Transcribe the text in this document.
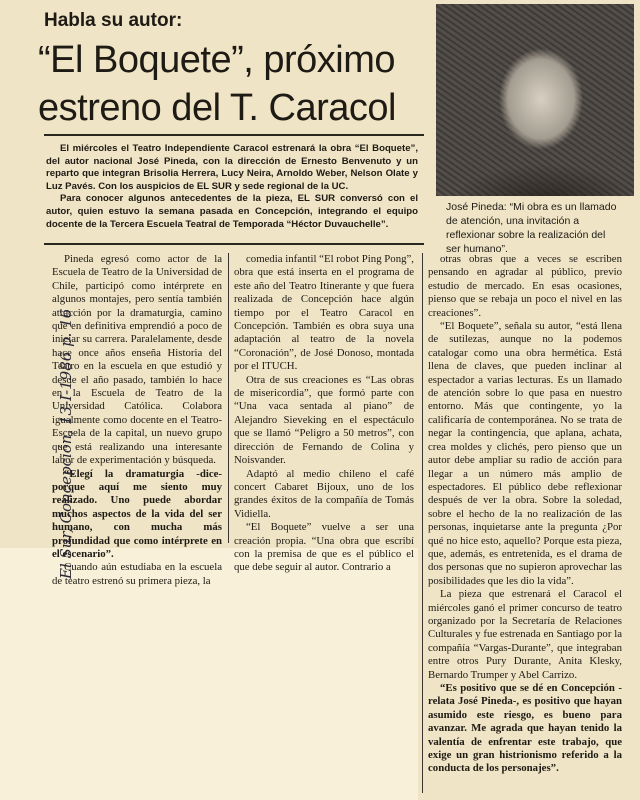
Habla su autor:
“El Boquete”, próximo estreno del T. Caracol
José Pineda: “Mi obra es un llamado de atención, una invitación a reflexionar sobre la realización del ser humano”.

El miércoles el Teatro Independiente Caracol estrenará la obra “El Boquete”, del autor nacional José Pineda, con la dirección de Ernesto Benvenuto y un reparto que integran Brisolia Herrera, Lucy Neira, Arnoldo Weber, Nelson Olate y Luz Pavés. Con los auspicios de EL SUR y sede regional de la UC.

Para conocer algunos antecedentes de la pieza, EL SUR conversó con el autor, quien estuvo la semana pasada en Concepción, integrando el equipo docente de la Tercera Escuela Teatral de Temporada “Héctor Duvauchelle”.

Pineda egresó como actor de la Escuela de Teatro de la Universidad de Chile, participó como intérprete en algunos montajes, pero sentía también atracción por la dramaturgia, camino que en definitiva emprendió a poco de iniciar su carrera. Paralelamente, desde hace once años enseña Historia del Teatro en la escuela en que estudió y desde el año pasado, también lo hace en la Escuela de Teatro de la Universidad Católica. Colabora igualmente como docente en el Teatro-Escuela de la capital, un nuevo grupo que está realizando una interesante labor de experimentación y búsqueda.

“Elegí la dramaturgia -dice- porque aquí me siento muy realizado. Uno puede abordar muchos aspectos de la vida del ser humano, con mucha más profundidad que como intérprete en el escenario”.

Cuando aún estudiaba en la escuela de teatro estrenó su primera pieza, la

comedia infantil “El robot Ping Pong”, obra que está inserta en el programa de este año del Teatro Itinerante y que fuera realizada de Concepción hace algún tiempo por el Teatro Caracol en Concepción. También es obra suya una adaptación al teatro de la novela “Coronación”, de José Donoso, montada por el ITUCH.

Otra de sus creaciones es “Las obras de misericordia”, que formó parte con “Una vaca sentada al piano” de Alejandro Sieveking en el espectáculo que se llamó “Peligro a 50 metros”, con dirección de Fernando de Colina y Noisvander.

Adaptó al medio chileno el café concert Cabaret Bijoux, uno de los grandes éxitos de la compañía de Tomás Vidiella.

“El Boquete” vuelve a ser una creación propia. “Una obra que escribí con la premisa de que es el público el que debe seguir al autor. Contrario a

otras obras que a veces se escriben pensando en agradar al público, previo estudio de mercado. En esas ocasiones, pienso que se rebaja un poco el nivel en las creaciones”.

“El Boquete”, señala su autor, “está llena de sutilezas, aunque no la podemos catalogar como una obra hermética. Está llena de claves, que pueden inclinar al espectador a varias lecturas. Es un llamado de atención sobre lo que pasa en nuestro entorno. Más que contingente, yo la calificaría de contemporánea. No se trata de negar la contingencia, que aplana, achata, crea moldes y clichés, pero pienso que un autor debe ampliar su radio de acción para llegar a un número más amplio de espectadores. El público debe reflexionar después de ver la obra. Sobre la soledad, sobre el hecho de la no realización de las personas, inquietarse ante la pregunta ¿Por qué no hice esto, aquello? Porque esta pieza, que, además, es entretenida, es el drama de dos personas que no supieron aprovechar las posibilidades que les dio la vida”.

La pieza que estrenará el Caracol el miércoles ganó el primer concurso de teatro organizado por la Secretaría de Relaciones Culturales y fue estrenada en Santiago por la compañía “Vargas-Durante”, que integraban entre otros Pury Durante, Anita Klesky, Bernardo Trumper y Abel Carrizo.

“Es positivo que se dé en Concepción -relata José Pineda-, es positivo que hayan asumido este riesgo, es bueno para avanzar. Me agrada que hayan tenido la valentía de enfrentar este trabajo, que exige un gran histrionismo referido a la conducta de los personajes”.

El Sur, Concepción, 13-I-1986 p. 16
